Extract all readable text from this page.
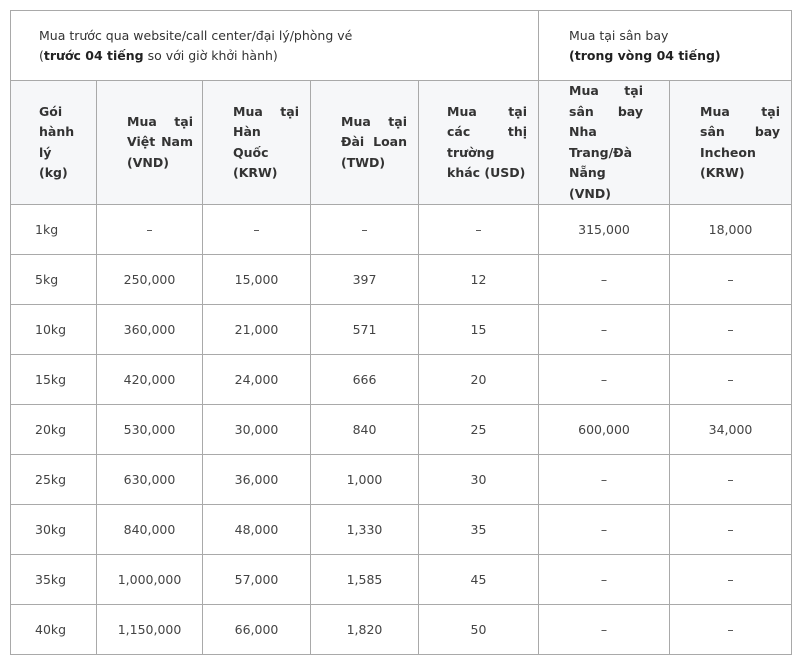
Mua trước qua website/call center/đại lý/phòng vé
(trước 04 tiếng so với giờ khởi hành)

Mua tại sân bay
(trong vòng 04 tiếng)

Gói hành lý (kg)	Mua tại Việt Nam (VND)	Mua tại Hàn Quốc (KRW)	Mua tại Đài Loan (TWD)	Mua tại các thị trường khác (USD)	Mua tại sân bay Nha Trang/Đà Nẵng (VND)	Mua tại sân bay Incheon (KRW)

1kg	–	–	–	–	315,000	18,000
5kg	250,000	15,000	397	12	–	–
10kg	360,000	21,000	571	15	–	–
15kg	420,000	24,000	666	20	–	–
20kg	530,000	30,000	840	25	600,000	34,000
25kg	630,000	36,000	1,000	30	–	–
30kg	840,000	48,000	1,330	35	–	–
35kg	1,000,000	57,000	1,585	45	–	–
40kg	1,150,000	66,000	1,820	50	–	–
